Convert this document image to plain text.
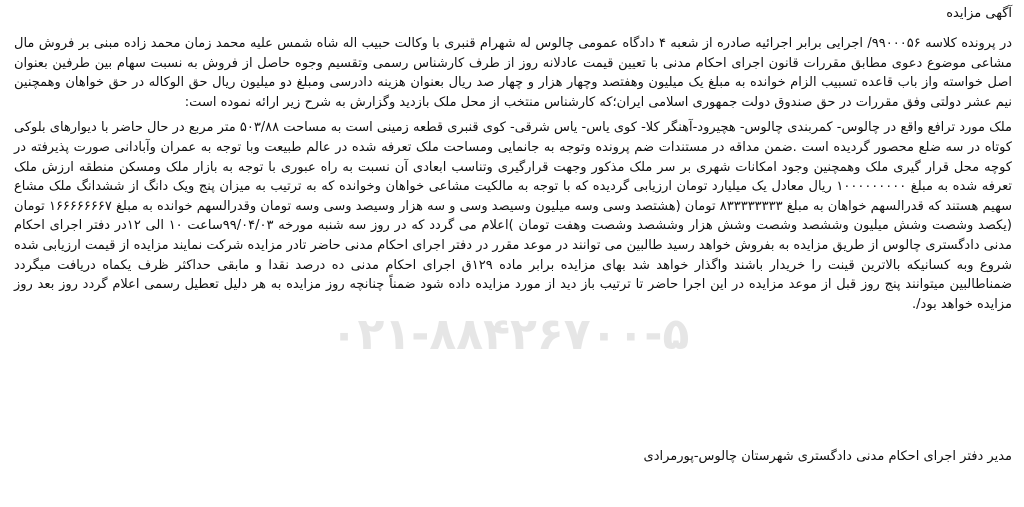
آگهی مزایده

در پرونده کلاسه ۹۹۰۰۰۵۶/ اجرایی برابر اجرائیه صادره از شعبه ۴ دادگاه عمومی چالوس له شهرام قنبری با وکالت حبیب اله شاه شمس علیه محمد زمان محمد زاده مبنی بر فروش مال مشاعی موضوع دعوی مطابق مقررات قانون اجرای احکام مدنی با تعیین قیمت عادلانه روز از طرف کارشناس رسمی وتقسیم وجوه حاصل از فروش به نسبت سهام بین طرفین بعنوان اصل خواسته واز باب قاعده تسبیب الزام خوانده به مبلغ یک میلیون وهفتصد وچهار هزار و چهار صد ریال بعنوان هزینه دادرسی ومبلغ دو میلیون ریال حق الوکاله در حق خواهان وهمچنین نیم عشر دولتی وفق مقررات در حق صندوق دولت جمهوری اسلامی ایران؛که کارشناس منتخب از محل ملک بازدید وگزارش به شرح زیر ارائه نموده است:

ملک مورد ترافع واقع در چالوس- کمربندی چالوس- هچیرود-آهنگر کلا- کوی یاس- یاس شرقی- کوی قنبری قطعه زمینی است به مساحت ۵۰۳/۸۸ متر مربع در حال حاضر با دیوارهای بلوکی کوتاه در سه ضلع محصور گردیده است .ضمن مداقه در مستندات ضم پرونده وتوجه به جانمایی ومساحت ملک تعرفه شده در عالم طبیعت وبا توجه به عمران وآبادانی صورت پذیرفته در کوچه محل قرار گیری ملک وهمچنین وجود امکانات شهری بر سر ملک مذکور وجهت قرارگیری وتناسب ابعادی آن نسبت به راه عبوری با توجه به بازار ملک ومسکن منطقه ارزش ملک تعرفه شده به مبلغ ۱۰۰۰۰۰۰۰۰۰ ریال معادل یک میلیارد تومان ارزیابی گردیده که با توجه به مالکیت مشاعی خواهان وخوانده که به ترتیب به میزان پنج ویک دانگ از ششدانگ ملک مشاع سهیم هستند که قدرالسهم خواهان به مبلغ ۸۳۳۳۳۳۳۳۳ تومان (هشتصد وسی وسه میلیون وسیصد وسی و سه هزار وسیصد وسی وسه تومان وقدرالسهم خوانده به مبلغ ۱۶۶۶۶۶۶۶۷ تومان (یکصد وشصت وشش میلیون وششصد وشصت وشش هزار وششصد وشصت وهفت تومان )اعلام می گردد که در روز سه شنبه مورخه ۹۹/۰۴/۰۳ساعت ۱۰ الی ۱۲در دفتر اجرای احکام مدنی دادگستری چالوس از طریق مزایده به بفروش خواهد رسید طالبین می توانند در موعد مقرر در دفتر اجرای احکام مدنی حاضر تادر مزایده شرکت نمایند مزایده از قیمت ارزیابی شده شروع وبه کسانیکه بالاترین قینت را خریدار باشند واگذار خواهد شد بهای مزایده برابر ماده ۱۲۹ق اجرای احکام مدنی ده درصد نقدا و مابقی حداکثر ظرف یکماه دریافت میگردد ضمناطالبین میتوانند پنج روز قبل از موعد مزایده در این اجرا حاضر تا ترتیب باز دید از مورد مزایده داده شود ضمناً چنانچه روز مزایده به هر دلیل تعطیل رسمی اعلام گردد روز بعد روز مزایده خواهد بود/.

مدیر دفتر اجرای احکام مدنی دادگستری شهرستان چالوس-پورمرادی
۰۲۱-۸۸۴۲۶۷۰۰-۵
